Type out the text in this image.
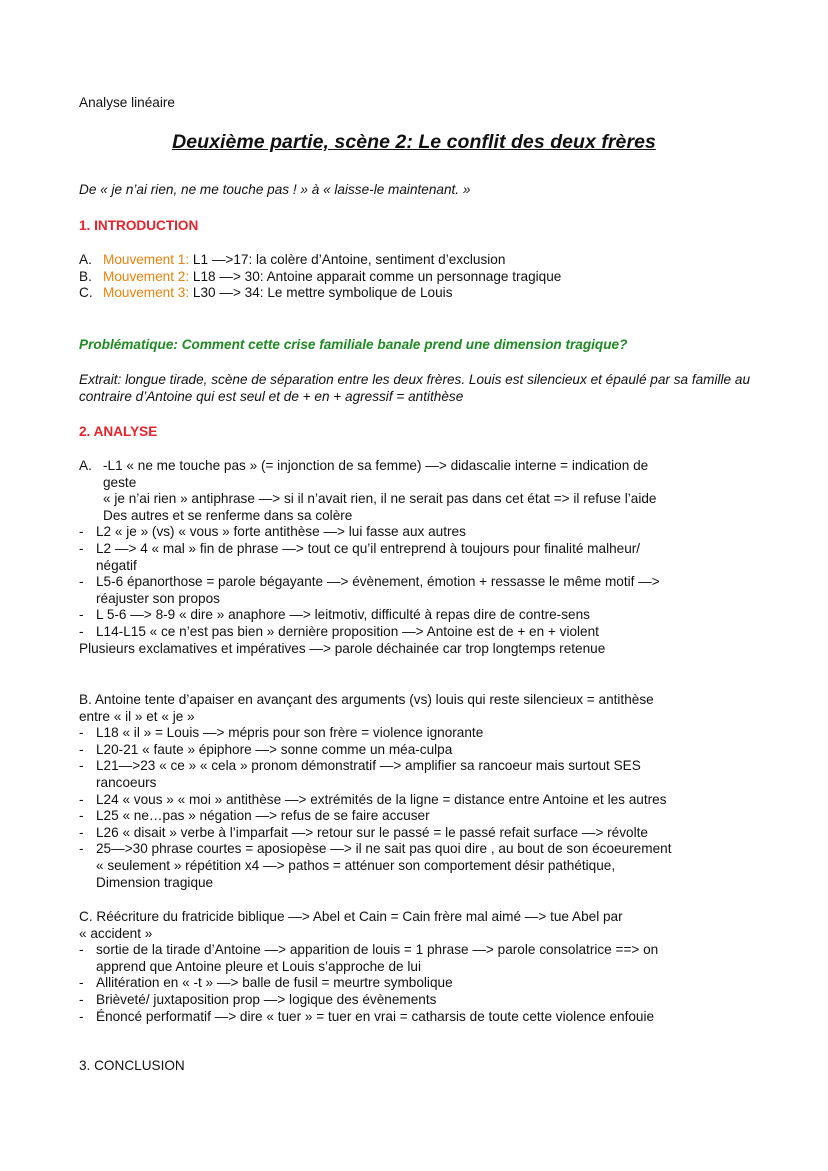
Analyse linéaire
Deuxième partie, scène 2: Le conflit des deux frères
De « je n’ai rien, ne me touche pas ! » à « laisse-le maintenant. »
1. INTRODUCTION
A. Mouvement 1: L1 —>17: la colère d’Antoine, sentiment d’exclusion
B. Mouvement 2: L18 —> 30: Antoine apparait comme un personnage tragique
C. Mouvement 3: L30 —> 34: Le mettre symbolique de Louis
Problématique: Comment cette crise familiale banale prend une dimension tragique?
Extrait: longue tirade, scène de séparation entre les deux frères. Louis est silencieux et épaulé par sa famille au contraire d’Antoine qui est seul et de + en + agressif = antithèse
2. ANALYSE
A. -L1 « ne me touche pas » (= injonction de sa femme) —> didascalie interne = indication de
geste
« je n’ai rien » antiphrase —> si il n’avait rien, il ne serait pas dans cet état => il refuse l’aide
Des autres et se renferme dans sa colère
- L2 « je » (vs) « vous » forte antithèse —> lui fasse aux autres
- L2 —> 4 « mal » fin de phrase —> tout ce qu’il entreprend à toujours pour finalité malheur/
négatif
- L5-6 épanorthose = parole bégayante —> évènement, émotion + ressasse le même motif —>
réajuster son propos
- L 5-6 —> 8-9 « dire » anaphore —> leitmotiv, difficulté à repas dire de contre-sens
- L14-L15 « ce n’est pas bien » dernière proposition —> Antoine est de + en + violent
Plusieurs exclamatives et impératives —> parole déchainée car trop longtemps retenue
B. Antoine tente d’apaiser en avançant des arguments (vs) louis qui reste silencieux = antithèse
entre « il » et « je »
- L18 « il » = Louis —> mépris pour son frère = violence ignorante
- L20-21 « faute » épiphore —> sonne comme un méa-culpa
- L21—>23 « ce » « cela » pronom démonstratif —> amplifier sa rancoeur mais surtout SES
rancoeurs
- L24 « vous » « moi » antithèse —> extrémités de la ligne = distance entre Antoine et les autres
- L25 « ne…pas » négation —> refus de se faire accuser
- L26 « disait » verbe à l’imparfait —> retour sur le passé = le passé refait surface —> révolte
- 25—>30 phrase courtes = aposiopèse —> il ne sait pas quoi dire , au bout de son écoeurement
« seulement » répétition x4 —> pathos = atténuer son comportement désir pathétique,
Dimension tragique
C. Réécriture du fratricide biblique —> Abel et Cain = Cain frère mal aimé —> tue Abel par
« accident »
- sortie de la tirade d’Antoine —> apparition de louis = 1 phrase —> parole consolatrice ==> on
apprend que Antoine pleure et Louis s’approche de lui
- Allitération en « -t » —> balle de fusil = meurtre symbolique
- Brièveté/ juxtaposition prop —> logique des évènements
- Énoncé performatif —> dire « tuer » = tuer en vrai = catharsis de toute cette violence enfouie
3. CONCLUSION
